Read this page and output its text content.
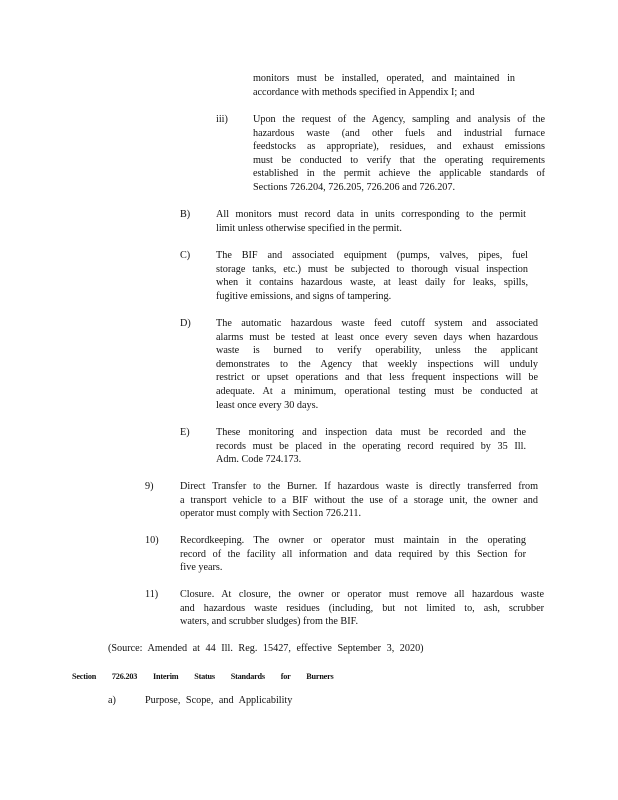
monitors must be installed, operated, and maintained in
accordance with methods specified in Appendix I; and
iii) Upon the request of the Agency, sampling and analysis of the
hazardous waste (and other fuels and industrial furnace
feedstocks as appropriate), residues, and exhaust emissions
must be conducted to verify that the operating requirements
established in the permit achieve the applicable standards of
Sections 726.204, 726.205, 726.206 and 726.207.
B)	All monitors must record data in units corresponding to the permit
limit unless otherwise specified in the permit.
C)	The BIF and associated equipment (pumps, valves, pipes, fuel
storage tanks, etc.) must be subjected to thorough visual inspection
when it contains hazardous waste, at least daily for leaks, spills,
fugitive emissions, and signs of tampering.
D) The automatic hazardous waste feed cutoff system and associated
alarms must be tested at least once every seven days when hazardous
waste is burned to verify operability, unless the applicant
demonstrates to the Agency that weekly inspections will unduly
restrict or upset operations and that less frequent inspections will be
adequate. At a minimum, operational testing must be conducted at
least once every 30 days.
E)	These monitoring and inspection data must be recorded and the
records must be placed in the operating record required by 35 Ill.
Adm. Code 724.173.
9)	Direct Transfer to the Burner. If hazardous waste is directly transferred from
a transport vehicle to a BIF without the use of a storage unit, the owner and
operator must comply with Section 726.211.
10) Recordkeeping. The owner or operator must maintain in the operating
record of the facility all information and data required by this Section for
five years.
11) Closure. At closure, the owner or operator must remove all hazardous waste
and hazardous waste residues (including, but not limited to, ash, scrubber
waters, and scrubber sludges) from the BIF.
(Source: Amended at 44 Ill. Reg. 15427, effective September 3, 2020)
Section 726.203 Interim Status Standards for Burners
a)	Purpose, Scope, and Applicability
